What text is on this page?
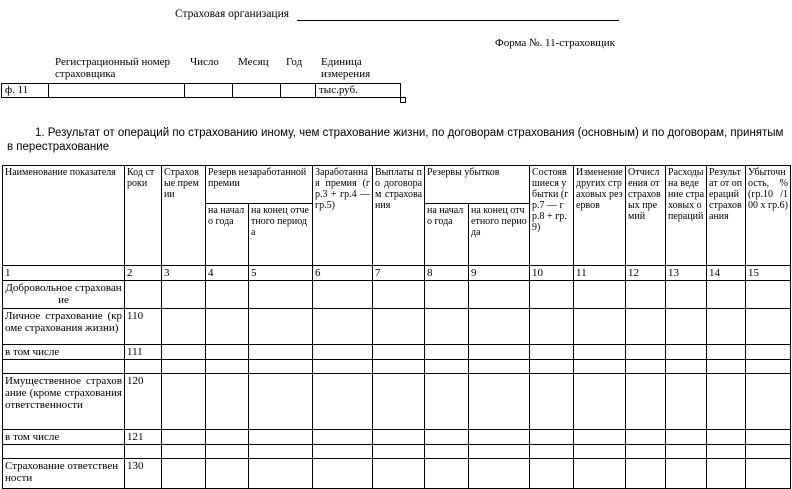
Страховая организация
Форма №. 11-страховщик
Регистрационный номер страховщика
Число Месяц Год Единица измерения
ф. 11					тыс.руб.
1. Результат от операций по страхованию иному, чем страхование жизни, по договорам страхования (основным) и по договорам, принятым в перестрахование
Наименование показателя	Код строки	Страховые премии	Резерв незаработанной премии		Заработанная премия (гр.3 + гр.4 — гр.5)	Выплаты по договорам страхования	Резервы убытков		Состоявшиеся убытки (гр.7 — гр.8 + гр.9)	Изменение других страховых резервов	Отчисления от страховых премий	Расходы на ведение страховых операций	Результат от операций страхования	Убыточность, % (гр.10 /100 х гр.6)
			на начало года	на конец отчетного периода			на начало года	на конец отчетного периода						
1	2	3	4	5	6	7	8	9	10	11	12	13	14	15
Добровольное страхование														
Личное страхование (кроме страхования жизни)	110													
в том числе	111													

Имущественное страхование (кроме страхования ответственности	120													
в том числе	121													

Страхование ответственности	130													
